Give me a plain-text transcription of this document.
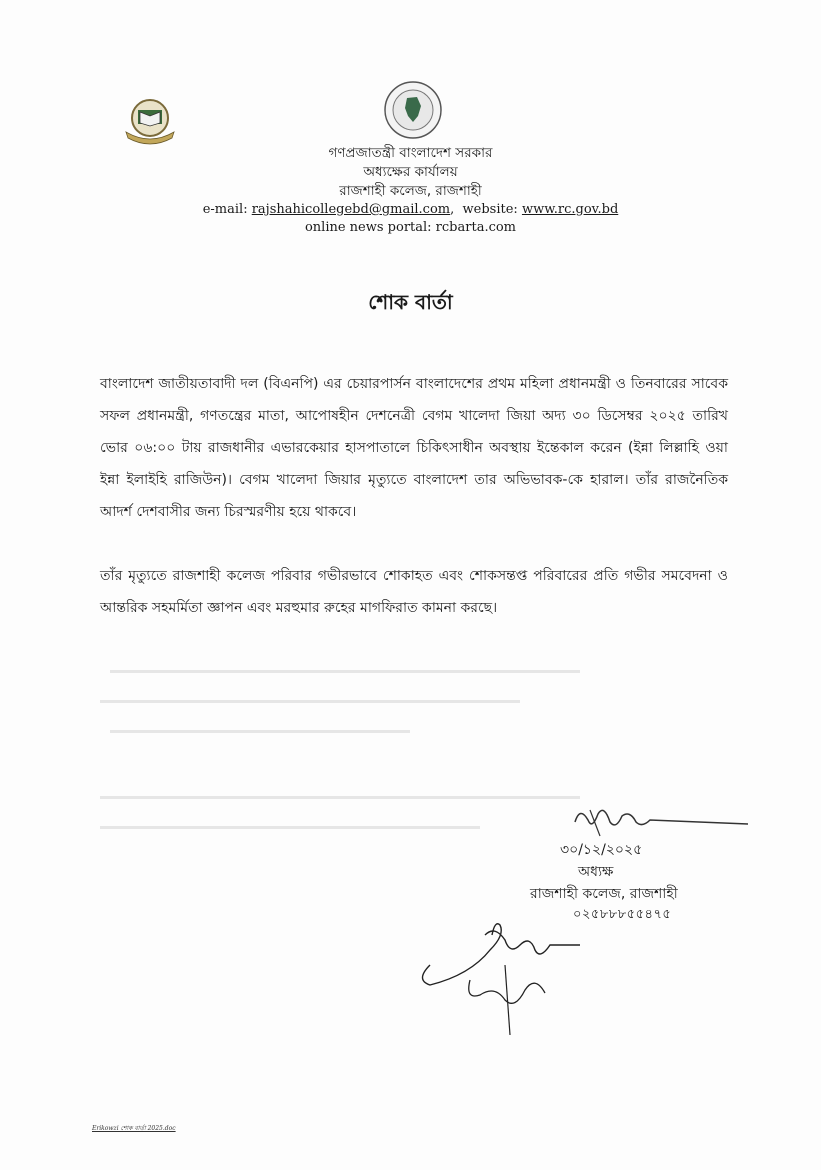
গণপ্রজাতন্ত্রী বাংলাদেশ সরকার
অধ্যক্ষের কার্যালয়
রাজশাহী কলেজ, রাজশাহী
e-mail: rajshahicollegebd@gmail.com,  website: www.rc.gov.bd
online news portal: rcbarta.com
শোক বার্তা
বাংলাদেশ জাতীয়তাবাদী দল (বিএনপি) এর চেয়ারপার্সন বাংলাদেশের প্রথম মহিলা প্রধানমন্ত্রী ও তিনবারের সাবেক সফল প্রধানমন্ত্রী, গণতন্ত্রের মাতা, আপোষহীন দেশনেত্রী বেগম খালেদা জিয়া অদ্য ৩০ ডিসেম্বর ২০২৫ তারিখ ভোর ০৬:০০ টায় রাজধানীর এভারকেয়ার হাসপাতালে চিকিৎসাধীন অবস্থায় ইন্তেকাল করেন (ইন্না লিল্লাহি ওয়া ইন্না ইলাইহি রাজিউন)। বেগম খালেদা জিয়ার মৃত্যুতে বাংলাদেশ তার অভিভাবক-কে হারাল। তাঁর রাজনৈতিক আদর্শ দেশবাসীর জন্য চিরস্মরণীয় হয়ে থাকবে।
তাঁর মৃত্যুতে রাজশাহী কলেজ পরিবার গভীরভাবে শোকাহত এবং শোকসন্তপ্ত পরিবারের প্রতি গভীর সমবেদনা ও আন্তরিক সহমর্মিতা জ্ঞাপন এবং মরহুমার রুহের মাগফিরাত কামনা করছে।
৩০/১২/২০২৫
অধ্যক্ষ
রাজশাহী কলেজ, রাজশাহী
০২৫৮৮৮৫৫৪৭৫
Erikowzi শোক বার্তা 2025.doc
